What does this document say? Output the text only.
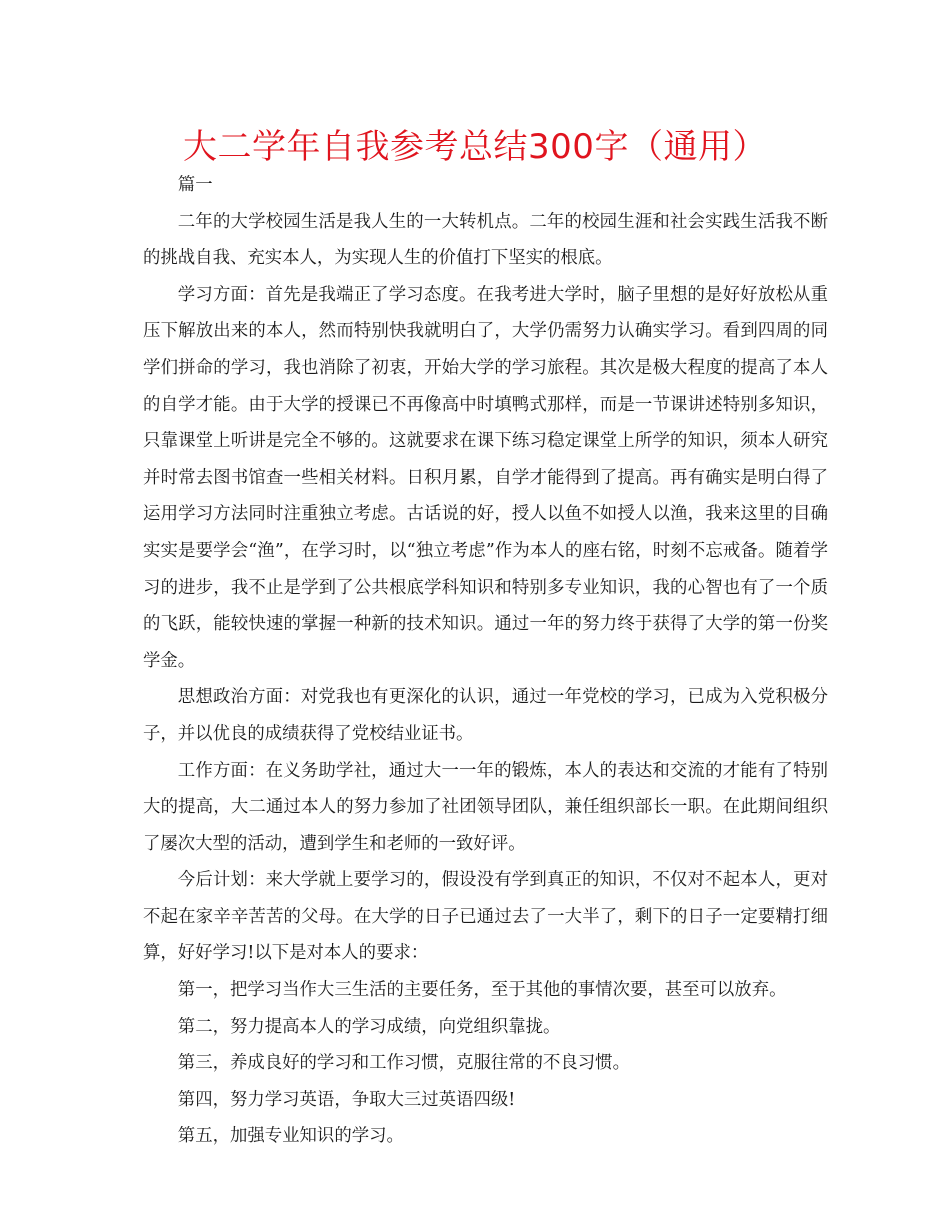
大二学年自我参考总结300字（通用）

篇一

二年的大学校园生活是我人生的一大转机点。二年的校园生涯和社会实践生活我不断的挑战自我、充实本人，为实现人生的价值打下坚实的根底。

学习方面：首先是我端正了学习态度。在我考进大学时，脑子里想的是好好放松从重压下解放出来的本人，然而特别快我就明白了，大学仍需努力认确实学习。看到四周的同学们拼命的学习，我也消除了初衷，开始大学的学习旅程。其次是极大程度的提高了本人的自学才能。由于大学的授课已不再像高中时填鸭式那样，而是一节课讲述特别多知识，只靠课堂上听讲是完全不够的。这就要求在课下练习稳定课堂上所学的知识，须本人研究并时常去图书馆查一些相关材料。日积月累，自学才能得到了提高。再有确实是明白得了运用学习方法同时注重独立考虑。古话说的好，授人以鱼不如授人以渔，我来这里的目确实实是要学会“渔”，在学习时，以“独立考虑”作为本人的座右铭，时刻不忘戒备。随着学习的进步，我不止是学到了公共根底学科知识和特别多专业知识，我的心智也有了一个质的飞跃，能较快速的掌握一种新的技术知识。通过一年的努力终于获得了大学的第一份奖学金。

思想政治方面：对党我也有更深化的认识，通过一年党校的学习，已成为入党积极分子，并以优良的成绩获得了党校结业证书。

工作方面：在义务助学社，通过大一一年的锻炼，本人的表达和交流的才能有了特别大的提高，大二通过本人的努力参加了社团领导团队，兼任组织部长一职。在此期间组织了屡次大型的活动，遭到学生和老师的一致好评。

今后计划：来大学就上要学习的，假设没有学到真正的知识，不仅对不起本人，更对不起在家辛辛苦苦的父母。在大学的日子已通过去了一大半了，剩下的日子一定要精打细算，好好学习!以下是对本人的要求：

第一，把学习当作大三生活的主要任务，至于其他的事情次要，甚至可以放弃。

第二，努力提高本人的学习成绩，向党组织靠拢。

第三，养成良好的学习和工作习惯，克服往常的不良习惯。

第四，努力学习英语，争取大三过英语四级!

第五，加强专业知识的学习。
